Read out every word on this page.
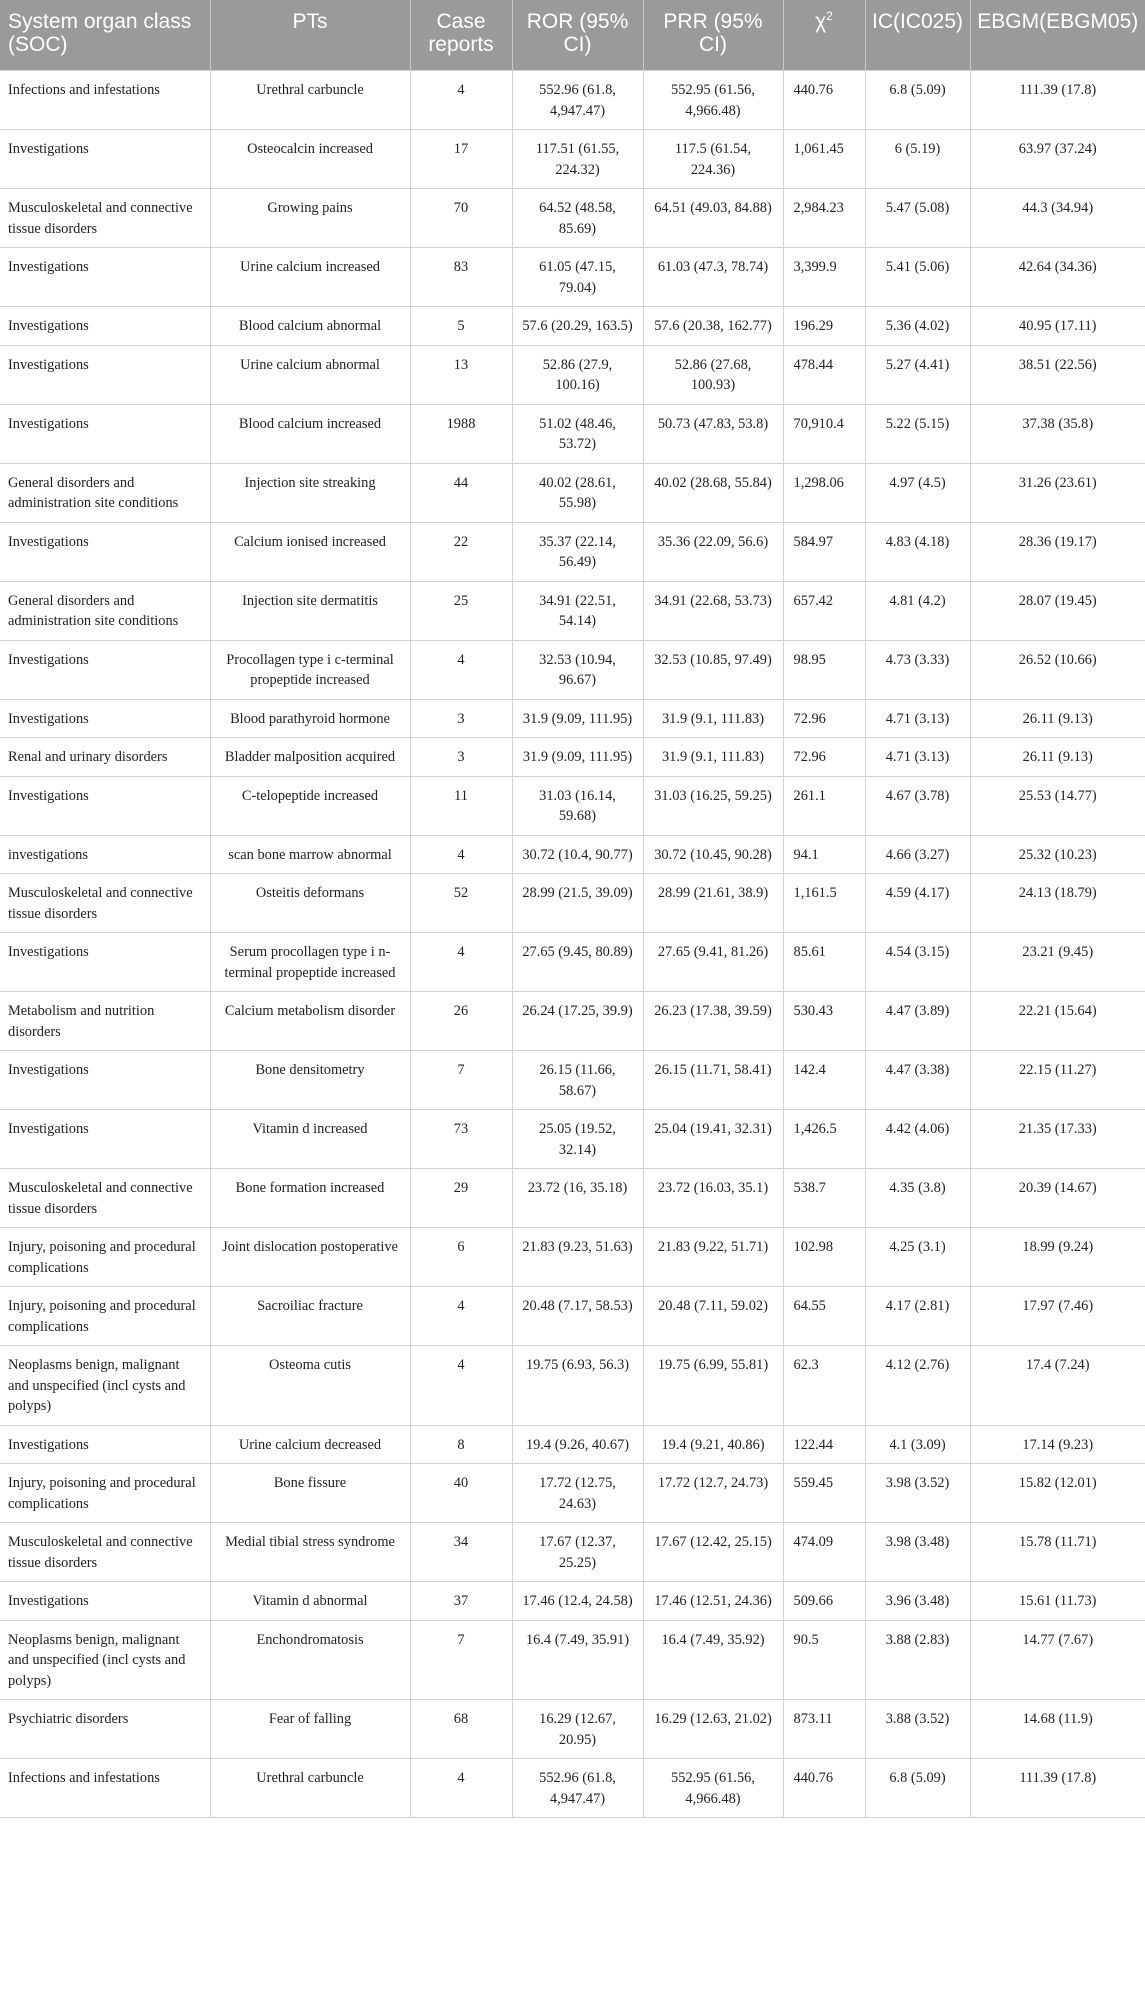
System organ class (SOC)	PTs	Case reports	ROR (95% CI)	PRR (95% CI)	$\chi^2$	IC(IC025)	EBGM(EBGM05)
Infections and infestations	Urethral carbuncle	4	552.96 (61.8, 4,947.47)	552.95 (61.56, 4,966.48)	440.76	6.8 (5.09)	111.39 (17.8)
Investigations	Osteocalcin increased	17	117.51 (61.55, 224.32)	117.5 (61.54, 224.36)	1,061.45	6 (5.19)	63.97 (37.24)
Musculoskeletal and connective tissue disorders	Growing pains	70	64.52 (48.58, 85.69)	64.51 (49.03, 84.88)	2,984.23	5.47 (5.08)	44.3 (34.94)
Investigations	Urine calcium increased	83	61.05 (47.15, 79.04)	61.03 (47.3, 78.74)	3,399.9	5.41 (5.06)	42.64 (34.36)
Investigations	Blood calcium abnormal	5	57.6 (20.29, 163.5)	57.6 (20.38, 162.77)	196.29	5.36 (4.02)	40.95 (17.11)
Investigations	Urine calcium abnormal	13	52.86 (27.9, 100.16)	52.86 (27.68, 100.93)	478.44	5.27 (4.41)	38.51 (22.56)
Investigations	Blood calcium increased	1988	51.02 (48.46, 53.72)	50.73 (47.83, 53.8)	70,910.4	5.22 (5.15)	37.38 (35.8)
General disorders and administration site conditions	Injection site streaking	44	40.02 (28.61, 55.98)	40.02 (28.68, 55.84)	1,298.06	4.97 (4.5)	31.26 (23.61)
Investigations	Calcium ionised increased	22	35.37 (22.14, 56.49)	35.36 (22.09, 56.6)	584.97	4.83 (4.18)	28.36 (19.17)
General disorders and administration site conditions	Injection site dermatitis	25	34.91 (22.51, 54.14)	34.91 (22.68, 53.73)	657.42	4.81 (4.2)	28.07 (19.45)
Investigations	Procollagen type i c-terminal propeptide increased	4	32.53 (10.94, 96.67)	32.53 (10.85, 97.49)	98.95	4.73 (3.33)	26.52 (10.66)
Investigations	Blood parathyroid hormone	3	31.9 (9.09, 111.95)	31.9 (9.1, 111.83)	72.96	4.71 (3.13)	26.11 (9.13)
Renal and urinary disorders	Bladder malposition acquired	3	31.9 (9.09, 111.95)	31.9 (9.1, 111.83)	72.96	4.71 (3.13)	26.11 (9.13)
Investigations	C-telopeptide increased	11	31.03 (16.14, 59.68)	31.03 (16.25, 59.25)	261.1	4.67 (3.78)	25.53 (14.77)
investigations	scan bone marrow abnormal	4	30.72 (10.4, 90.77)	30.72 (10.45, 90.28)	94.1	4.66 (3.27)	25.32 (10.23)
Musculoskeletal and connective tissue disorders	Osteitis deformans	52	28.99 (21.5, 39.09)	28.99 (21.61, 38.9)	1,161.5	4.59 (4.17)	24.13 (18.79)
Investigations	Serum procollagen type i n-terminal propeptide increased	4	27.65 (9.45, 80.89)	27.65 (9.41, 81.26)	85.61	4.54 (3.15)	23.21 (9.45)
Metabolism and nutrition disorders	Calcium metabolism disorder	26	26.24 (17.25, 39.9)	26.23 (17.38, 39.59)	530.43	4.47 (3.89)	22.21 (15.64)
Investigations	Bone densitometry	7	26.15 (11.66, 58.67)	26.15 (11.71, 58.41)	142.4	4.47 (3.38)	22.15 (11.27)
Investigations	Vitamin d increased	73	25.05 (19.52, 32.14)	25.04 (19.41, 32.31)	1,426.5	4.42 (4.06)	21.35 (17.33)
Musculoskeletal and connective tissue disorders	Bone formation increased	29	23.72 (16, 35.18)	23.72 (16.03, 35.1)	538.7	4.35 (3.8)	20.39 (14.67)
Injury, poisoning and procedural complications	Joint dislocation postoperative	6	21.83 (9.23, 51.63)	21.83 (9.22, 51.71)	102.98	4.25 (3.1)	18.99 (9.24)
Injury, poisoning and procedural complications	Sacroiliac fracture	4	20.48 (7.17, 58.53)	20.48 (7.11, 59.02)	64.55	4.17 (2.81)	17.97 (7.46)
Neoplasms benign, malignant and unspecified (incl cysts and polyps)	Osteoma cutis	4	19.75 (6.93, 56.3)	19.75 (6.99, 55.81)	62.3	4.12 (2.76)	17.4 (7.24)
Investigations	Urine calcium decreased	8	19.4 (9.26, 40.67)	19.4 (9.21, 40.86)	122.44	4.1 (3.09)	17.14 (9.23)
Injury, poisoning and procedural complications	Bone fissure	40	17.72 (12.75, 24.63)	17.72 (12.7, 24.73)	559.45	3.98 (3.52)	15.82 (12.01)
Musculoskeletal and connective tissue disorders	Medial tibial stress syndrome	34	17.67 (12.37, 25.25)	17.67 (12.42, 25.15)	474.09	3.98 (3.48)	15.78 (11.71)
Investigations	Vitamin d abnormal	37	17.46 (12.4, 24.58)	17.46 (12.51, 24.36)	509.66	3.96 (3.48)	15.61 (11.73)
Neoplasms benign, malignant and unspecified (incl cysts and polyps)	Enchondromatosis	7	16.4 (7.49, 35.91)	16.4 (7.49, 35.92)	90.5	3.88 (2.83)	14.77 (7.67)
Psychiatric disorders	Fear of falling	68	16.29 (12.67, 20.95)	16.29 (12.63, 21.02)	873.11	3.88 (3.52)	14.68 (11.9)
Infections and infestations	Urethral carbuncle	4	552.96 (61.8, 4,947.47)	552.95 (61.56, 4,966.48)	440.76	6.8 (5.09)	111.39 (17.8)
